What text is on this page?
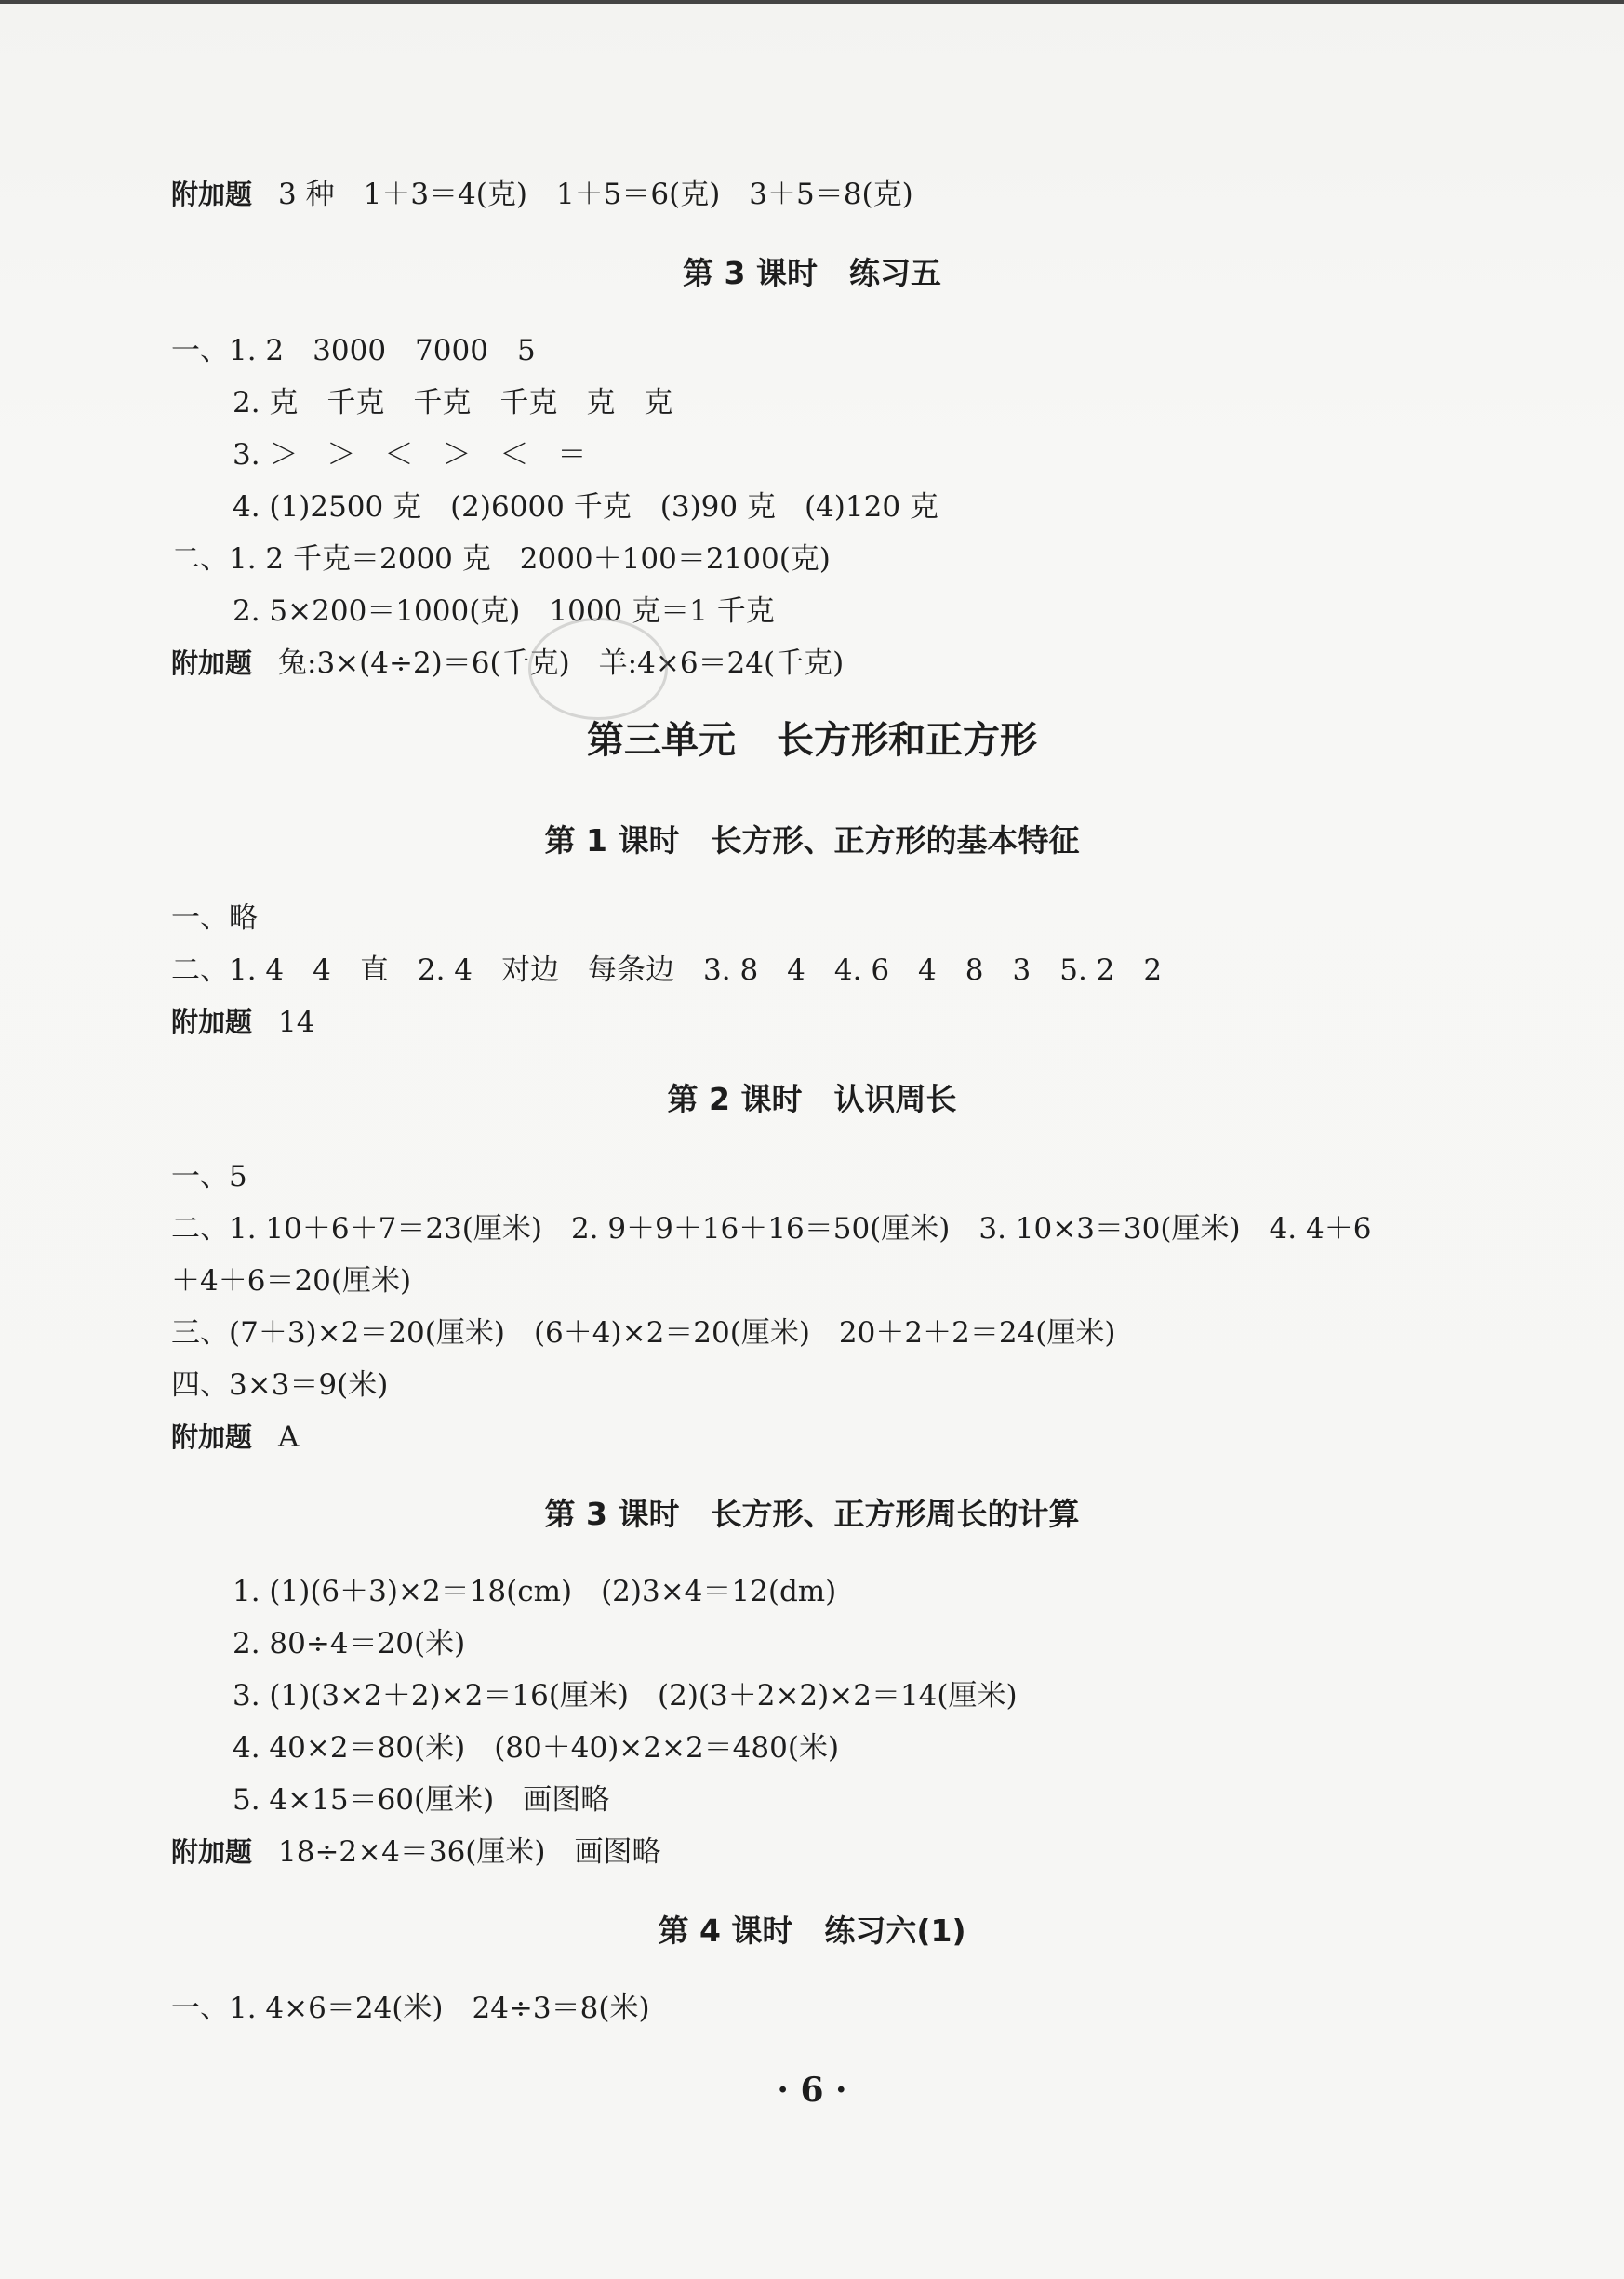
附加题 3 种　1＋3＝4(克)　1＋5＝6(克)　3＋5＝8(克)
第 3 课时 练习五
一、1. 2　3000　7000　5
2. 克　千克　千克　千克　克　克
3. ＞　＞　＜　＞　＜　＝
4. (1)2500 克　(2)6000 千克　(3)90 克　(4)120 克
二、1. 2 千克＝2000 克　2000＋100＝2100(克)
2. 5×200＝1000(克)　1000 克＝1 千克
附加题 兔:3×(4÷2)＝6(千克)　羊:4×6＝24(千克)
第三单元 长方形和正方形
第 1 课时 长方形、正方形的基本特征
一、略
二、1. 4　4　直　2. 4　对边　每条边　3. 8　4　4. 6　4　8　3　5. 2　2
附加题 14
第 2 课时 认识周长
一、5
二、1. 10＋6＋7＝23(厘米)　2. 9＋9＋16＋16＝50(厘米)　3. 10×3＝30(厘米)　4. 4＋6
＋4＋6＝20(厘米)
三、(7＋3)×2＝20(厘米)　(6＋4)×2＝20(厘米)　20＋2＋2＝24(厘米)
四、3×3＝9(米)
附加题 A
第 3 课时 长方形、正方形周长的计算
1. (1)(6＋3)×2＝18(cm)　(2)3×4＝12(dm)
2. 80÷4＝20(米)
3. (1)(3×2＋2)×2＝16(厘米)　(2)(3＋2×2)×2＝14(厘米)
4. 40×2＝80(米)　(80＋40)×2×2＝480(米)
5. 4×15＝60(厘米)　画图略
附加题 18÷2×4＝36(厘米)　画图略
第 4 课时 练习六(1)
一、1. 4×6＝24(米)　24÷3＝8(米)
· 6 ·
